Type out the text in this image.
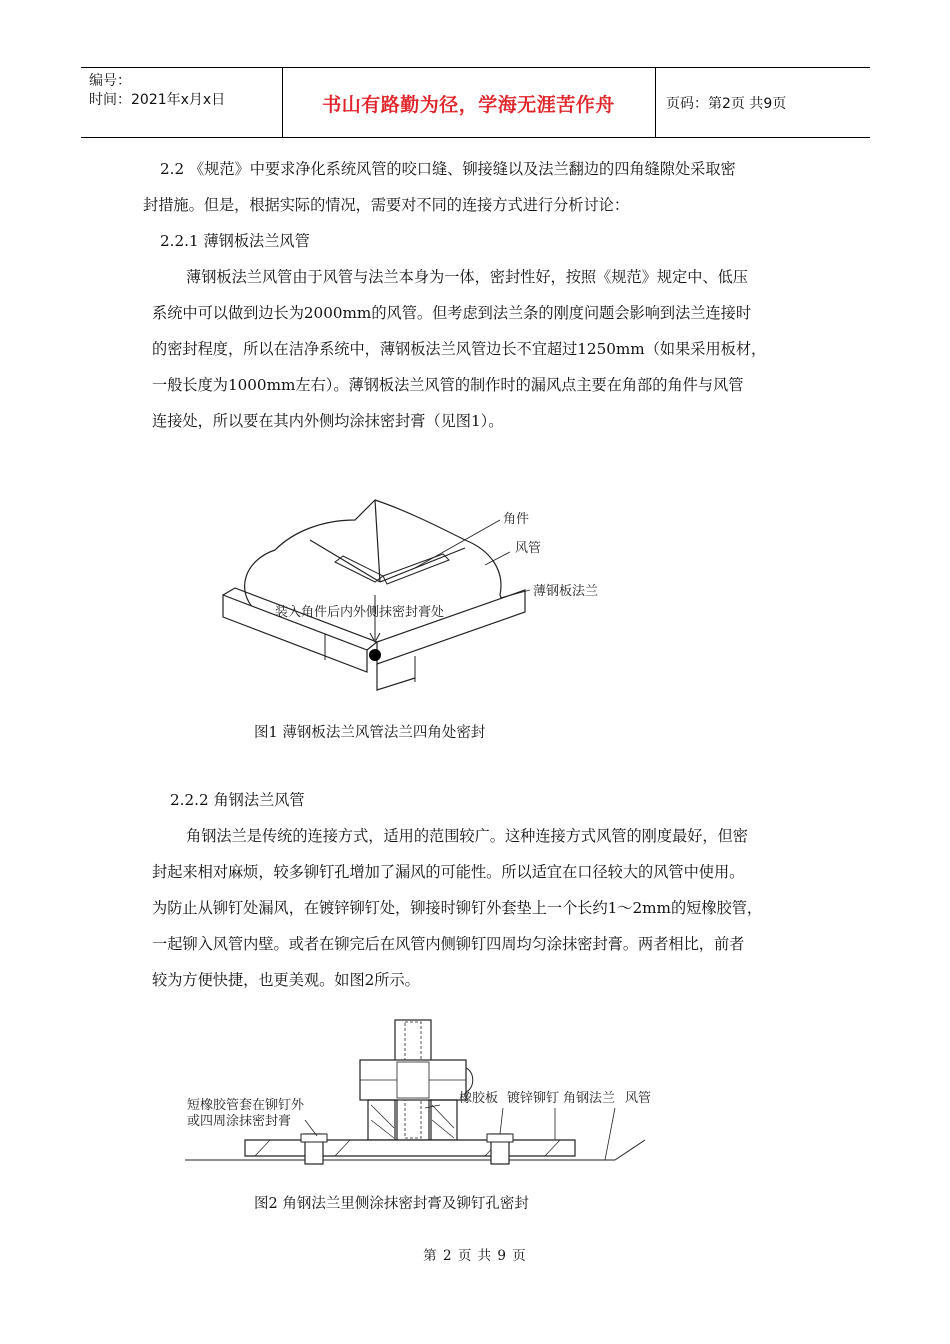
编号：
时间：2021年x月x日	书山有路勤为径，学海无涯苦作舟	页码：第2页 共9页
2.2 《规范》中要求净化系统风管的咬口缝、铆接缝以及法兰翻边的四角缝隙处采取密
封措施。但是，根据实际的情况，需要对不同的连接方式进行分析讨论：
2.2.1 薄钢板法兰风管
薄钢板法兰风管由于风管与法兰本身为一体，密封性好，按照《规范》规定中、低压
系统中可以做到边长为2000mm的风管。但考虑到法兰条的刚度问题会影响到法兰连接时
的密封程度，所以在洁净系统中，薄钢板法兰风管边长不宜超过1250mm（如果采用板材，
一般长度为1000mm左右）。薄钢板法兰风管的制作时的漏风点主要在角部的角件与风管
连接处，所以要在其内外侧均涂抹密封膏（见图1）。
角件
风管
薄钢板法兰
装入角件后内外侧抹密封膏处
图1 薄钢板法兰风管法兰四角处密封
2.2.2 角钢法兰风管
角钢法兰是传统的连接方式，适用的范围较广。这种连接方式风管的刚度最好，但密
封起来相对麻烦，较多铆钉孔增加了漏风的可能性。所以适宜在口径较大的风管中使用。
为防止从铆钉处漏风，在镀锌铆钉处，铆接时铆钉外套垫上一个长约1～2mm的短橡胶管，
一起铆入风管内壁。或者在铆完后在风管内侧铆钉四周均匀涂抹密封膏。两者相比，前者
较为方便快捷，也更美观。如图2所示。
短橡胶管套在铆钉外
或四周涂抹密封膏
橡胶板 镀锌铆钉 角钢法兰 风管
图2 角钢法兰里侧涂抹密封膏及铆钉孔密封
第 2 页 共 9 页
